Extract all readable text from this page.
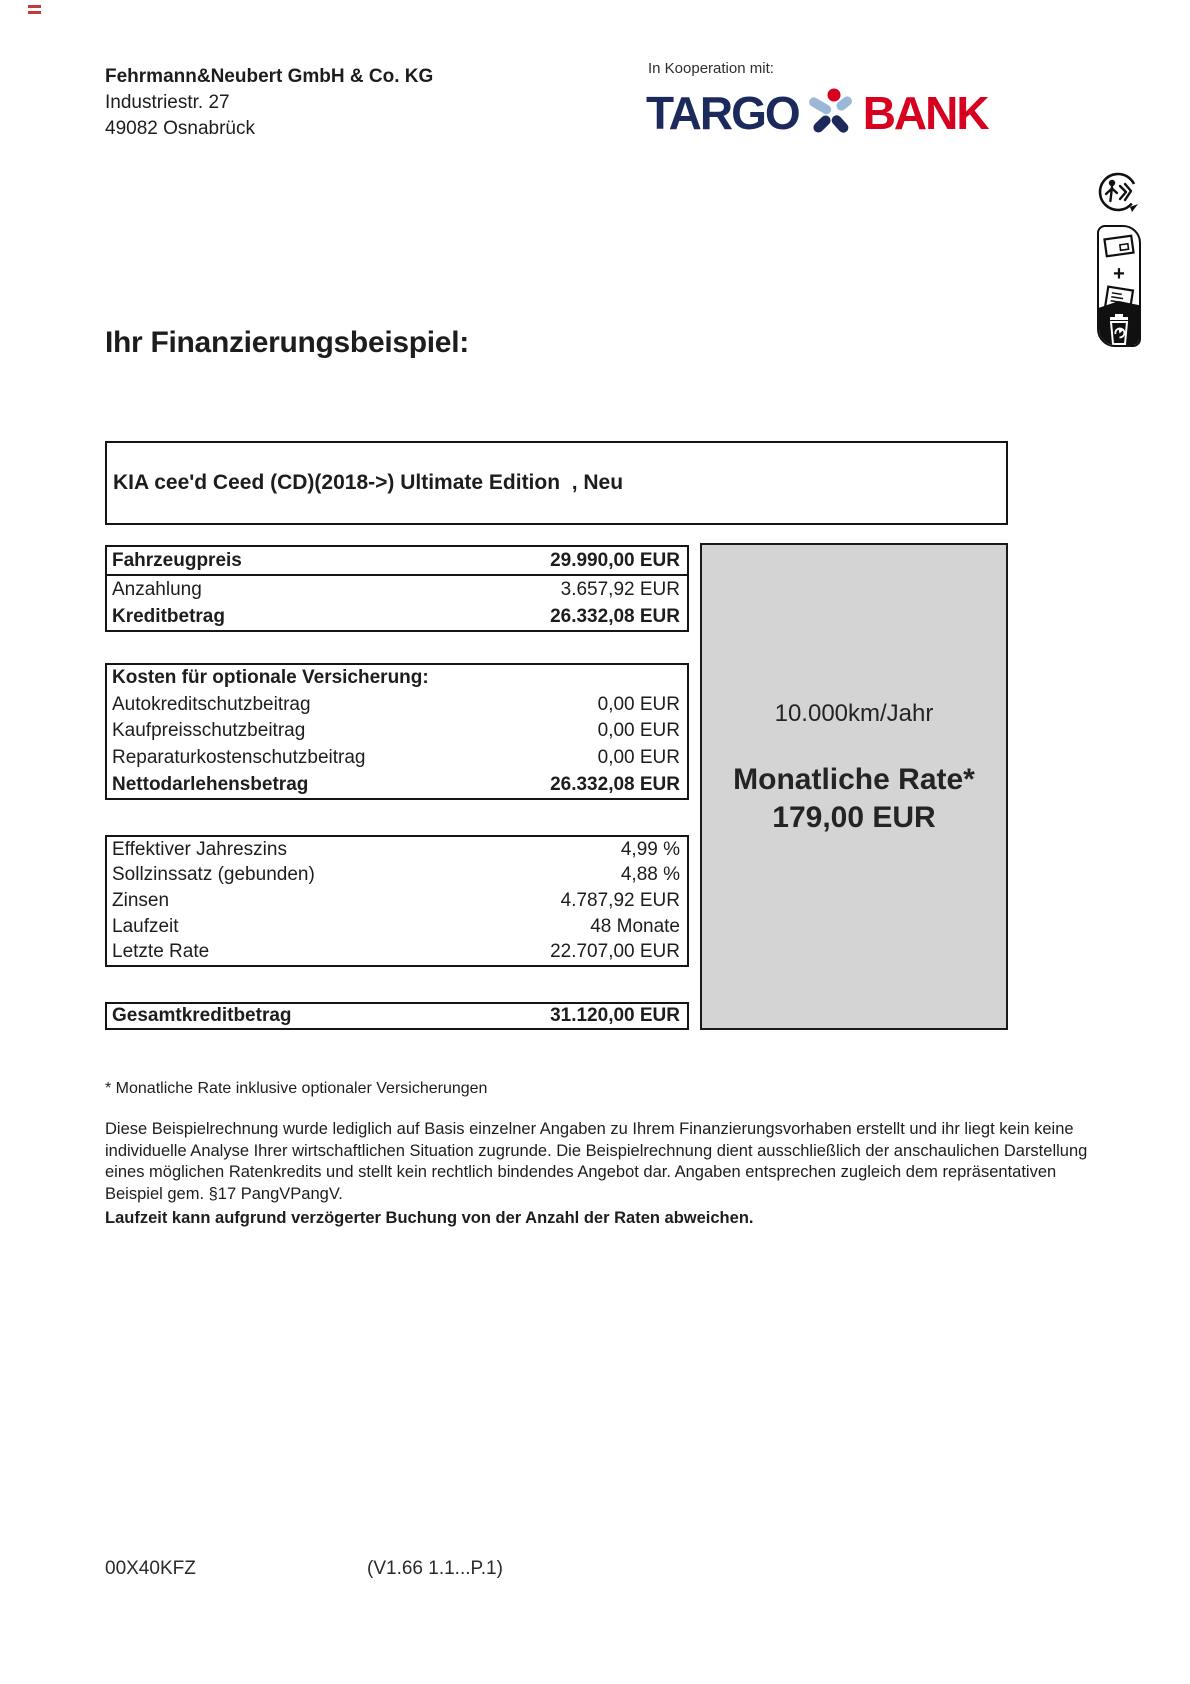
Fehrmann&Neubert GmbH & Co. KG
Industriestr. 27
49082 Osnabrück
In Kooperation mit:
TARGO BANK
+
Ihr Finanzierungsbeispiel:
KIA cee'd Ceed (CD)(2018->) Ultimate Edition  , Neu
Fahrzeugpreis	29.990,00 EUR
Anzahlung	3.657,92 EUR
Kreditbetrag	26.332,08 EUR
Kosten für optionale Versicherung:
Autokreditschutzbeitrag	0,00 EUR
Kaufpreisschutzbeitrag	0,00 EUR
Reparaturkostenschutzbeitrag	0,00 EUR
Nettodarlehensbetrag	26.332,08 EUR
Effektiver Jahreszins	4,99 %
Sollzinssatz (gebunden)	4,88 %
Zinsen	4.787,92 EUR
Laufzeit	48 Monate
Letzte Rate	22.707,00 EUR
Gesamtkreditbetrag	31.120,00 EUR
10.000km/Jahr
Monatliche Rate*
179,00 EUR
* Monatliche Rate inklusive optionaler Versicherungen
Diese Beispielrechnung wurde lediglich auf Basis einzelner Angaben zu Ihrem Finanzierungsvorhaben erstellt und ihr liegt kein keine
individuelle Analyse Ihrer wirtschaftlichen Situation zugrunde. Die Beispielrechnung dient ausschließlich der anschaulichen Darstellung
eines möglichen Ratenkredits und stellt kein rechtlich bindendes Angebot dar. Angaben entsprechen zugleich dem repräsentativen
Beispiel gem. §17 PangVPangV.
Laufzeit kann aufgrund verzögerter Buchung von der Anzahl der Raten abweichen.
00X40KFZ	(V1.66 1.1...P.1)
